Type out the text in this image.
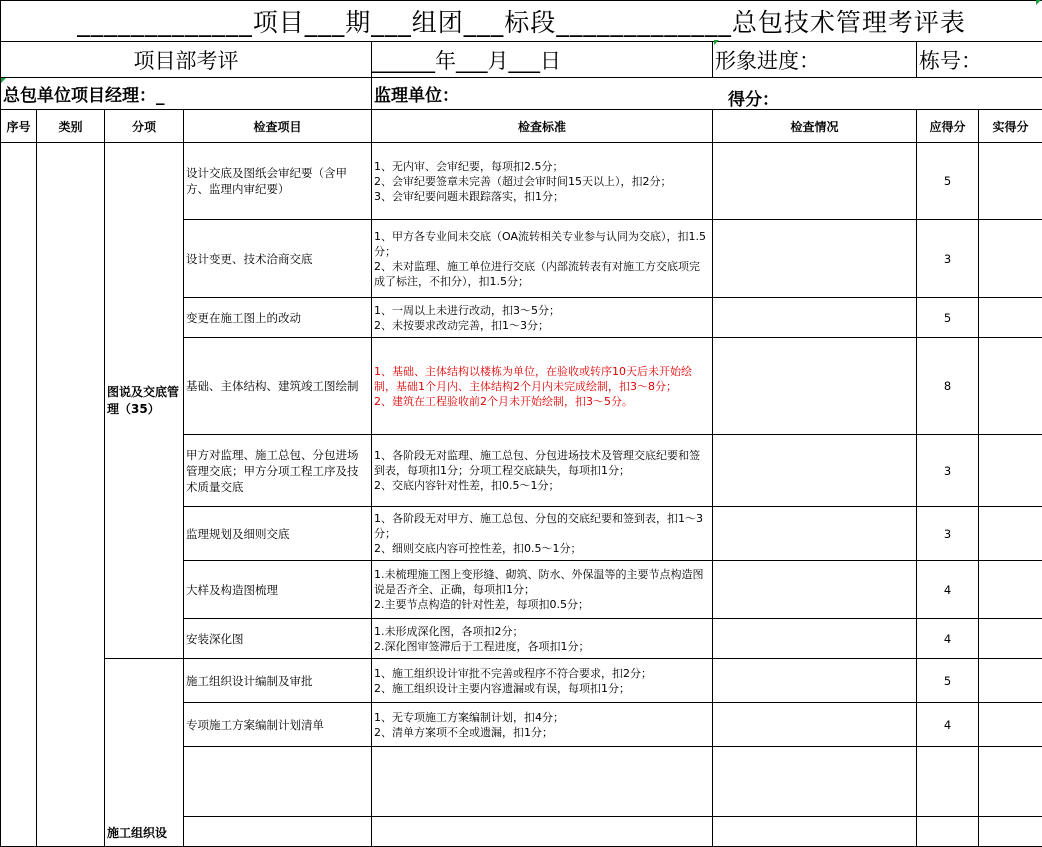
_____________项目___期___组团___标段_____________总包技术管理考评表							
项目部考评				______年___月___日	形象进度：	栋号：	
总包单位项目经理：_				监理单位： 得分：			

序号	类别	分项	检查项目	检查标准	检查情况	应得分	实得分
		图说及交底管理（35）	设计交底及图纸会审纪要（含甲方、监理内审纪要）	1、无内审、会审纪要，每项扣2.5分；
2、会审纪要签章未完善（超过会审时间15天以上），扣2分；
3、会审纪要问题未跟踪落实，扣1分；		5	
			设计变更、技术洽商交底	1、甲方各专业间未交底（OA流转相关专业参与认同为交底），扣1.5分；
2、未对监理、施工单位进行交底（内部流转表有对施工方交底项完成了标注，不扣分），扣1.5分；		3	
			变更在施工图上的改动	1、一周以上未进行改动，扣3～5分；
2、未按要求改动完善，扣1～3分；		5	
			基础、主体结构、建筑竣工图绘制	1、基础、主体结构以楼栋为单位，在验收或转序10天后未开始绘制，基础1个月内、主体结构2个月内未完成绘制，扣3～8分；
2、建筑在工程验收前2个月未开始绘制，扣3～5分。		8	
			甲方对监理、施工总包、分包进场管理交底；甲方分项工程工序及技术质量交底	1、各阶段无对监理、施工总包、分包进场技术及管理交底纪要和签到表，每项扣1分；分项工程交底缺失，每项扣1分；
2、交底内容针对性差，扣0.5～1分；		3	
			监理规划及细则交底	1、各阶段无对甲方、施工总包、分包的交底纪要和签到表，扣1～3分；
2、细则交底内容可控性差，扣0.5～1分；		3	
			大样及构造图梳理	1.未梳理施工图上变形缝、砌筑、防水、外保温等的主要节点构造图说是否齐全、正确，每项扣1分；
2.主要节点构造的针对性差，每项扣0.5分；		4	
			安装深化图	1.未形成深化图，各项扣2分；
2.深化图审签滞后于工程进度，各项扣1分；		4	
		施工组织设	施工组织设计编制及审批	1、施工组织设计审批不完善或程序不符合要求，扣2分；
2、施工组织设计主要内容遗漏或有误，每项扣1分；		5	
			专项施工方案编制计划清单	1、无专项施工方案编制计划，扣4分；
2、清单方案项不全或遗漏，扣1分；		4	
